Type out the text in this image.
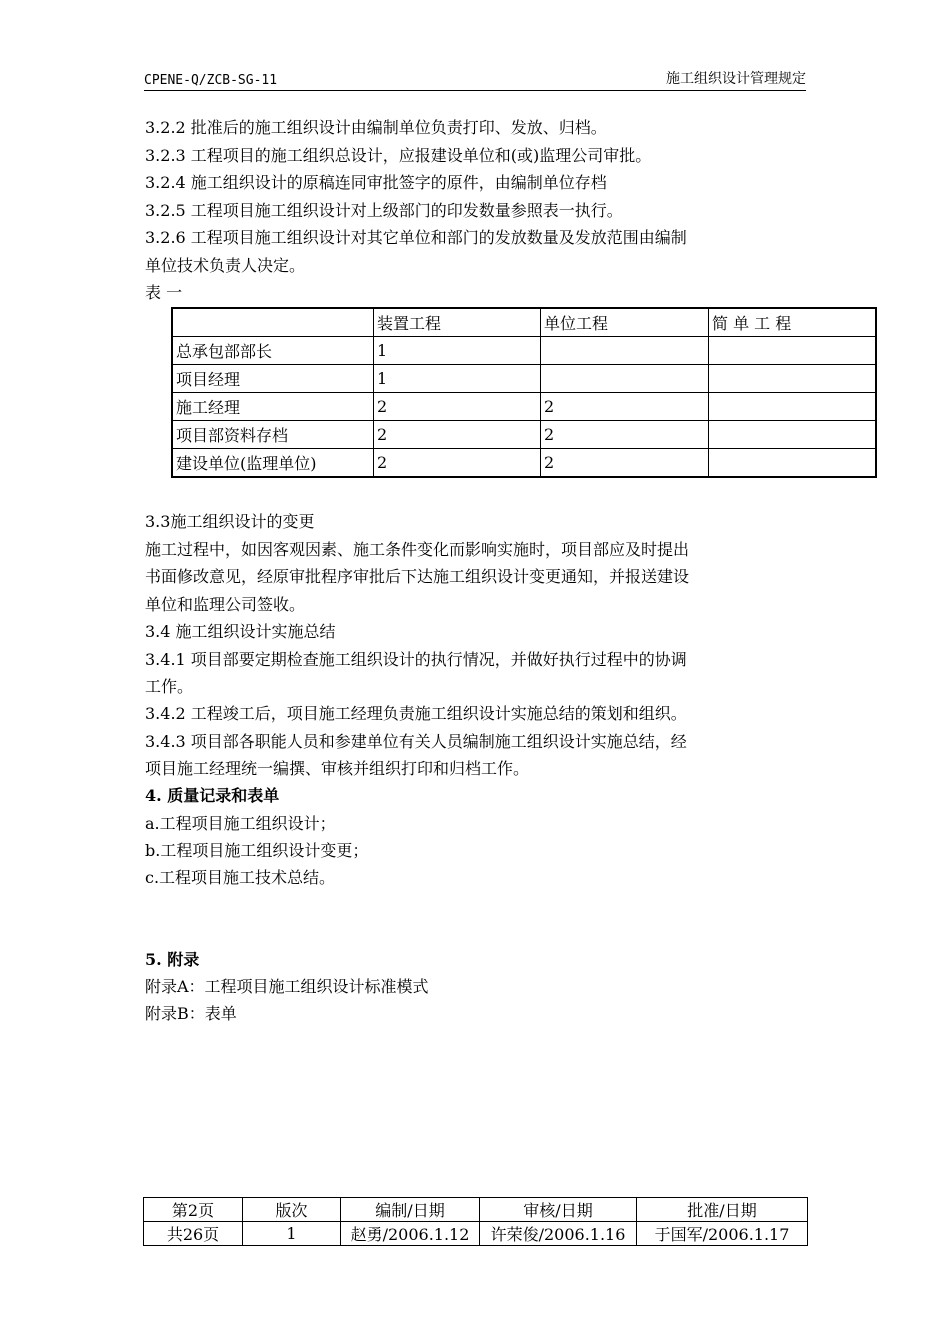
CPENE-Q/ZCB-SG-11	施工组织设计管理规定
3.2.2 批准后的施工组织设计由编制单位负责打印、发放、归档。
3.2.3 工程项目的施工组织总设计，应报建设单位和(或)监理公司审批。
3.2.4 施工组织设计的原稿连同审批签字的原件，由编制单位存档
3.2.5 工程项目施工组织设计对上级部门的印发数量参照表一执行。
3.2.6 工程项目施工组织设计对其它单位和部门的发放数量及发放范围由编制
单位技术负责人决定。
表 一
	装置工程	单位工程	简 单 工 程
总承包部部长	1		
项目经理	1		
施工经理	2	2	
项目部资料存档	2	2	
建设单位(监理单位)	2	2	
3.3施工组织设计的变更
施工过程中，如因客观因素、施工条件变化而影响实施时，项目部应及时提出
书面修改意见，经原审批程序审批后下达施工组织设计变更通知，并报送建设
单位和监理公司签收。
3.4 施工组织设计实施总结
3.4.1 项目部要定期检查施工组织设计的执行情况，并做好执行过程中的协调
工作。
3.4.2 工程竣工后，项目施工经理负责施工组织设计实施总结的策划和组织。
3.4.3 项目部各职能人员和参建单位有关人员编制施工组织设计实施总结，经
项目施工经理统一编撰、审核并组织打印和归档工作。
4. 质量记录和表单
a.工程项目施工组织设计；
b.工程项目施工组织设计变更；
c.工程项目施工技术总结。
5. 附录
附录A：工程项目施工组织设计标准模式
附录B：表单
第2页	版次	编制/日期	审核/日期	批准/日期
共26页	1	赵勇/2006.1.12	许荣俊/2006.1.16	于国军/2006.1.17
